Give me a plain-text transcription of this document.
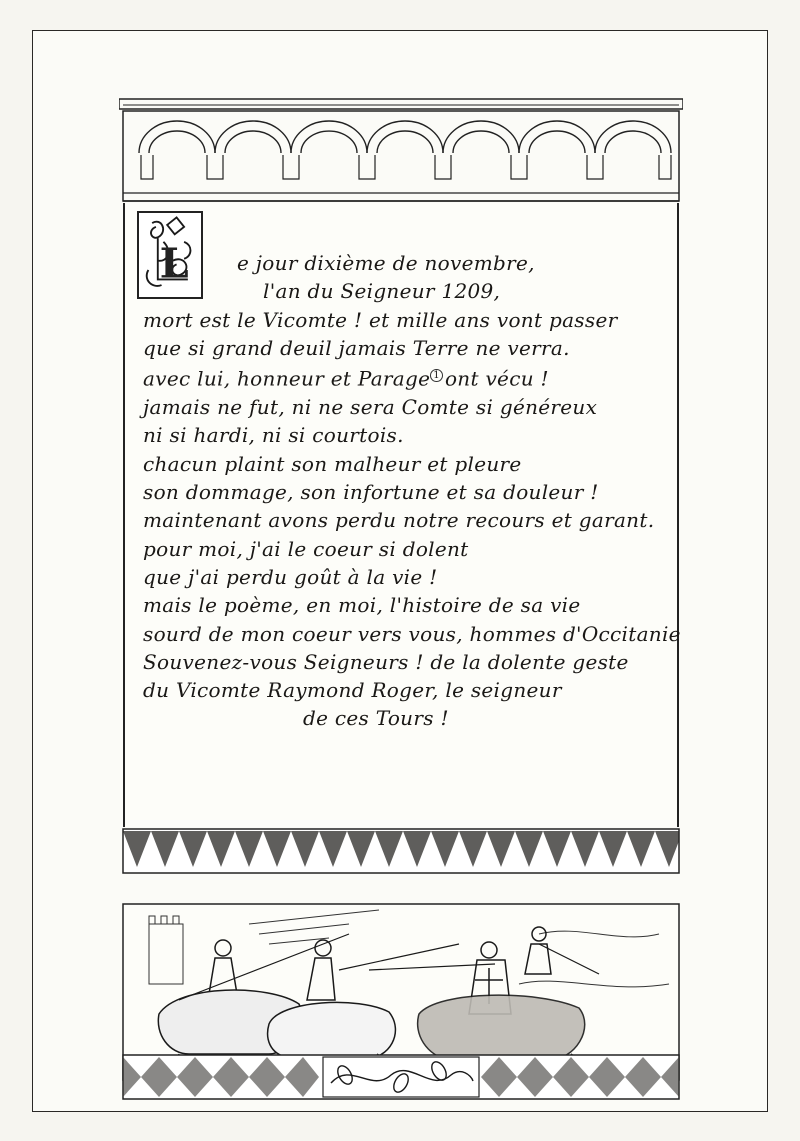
L	e jour dixième de novembre,
l'an du Seigneur 1209,
mort est le Vicomte ! et mille ans vont passer
que si grand deuil jamais Terre ne verra.
avec lui, honneur et Parage $^1$ ont vécu !
jamais ne fut, ni ne sera Comte si généreux
ni si hardi, ni si courtois.
chacun plaint son malheur et pleure
son dommage, son infortune et sa douleur !
maintenant avons perdu notre recours et garant.
pour moi, j'ai le coeur si dolent
que j'ai perdu goût à la vie !
mais le poème, en moi, l'histoire de sa vie
sourd de mon coeur vers vous, hommes d'Occitanie
Souvenez-vous Seigneurs ! de la dolente geste
du Vicomte Raymond Roger, le seigneur
de ces Tours !
